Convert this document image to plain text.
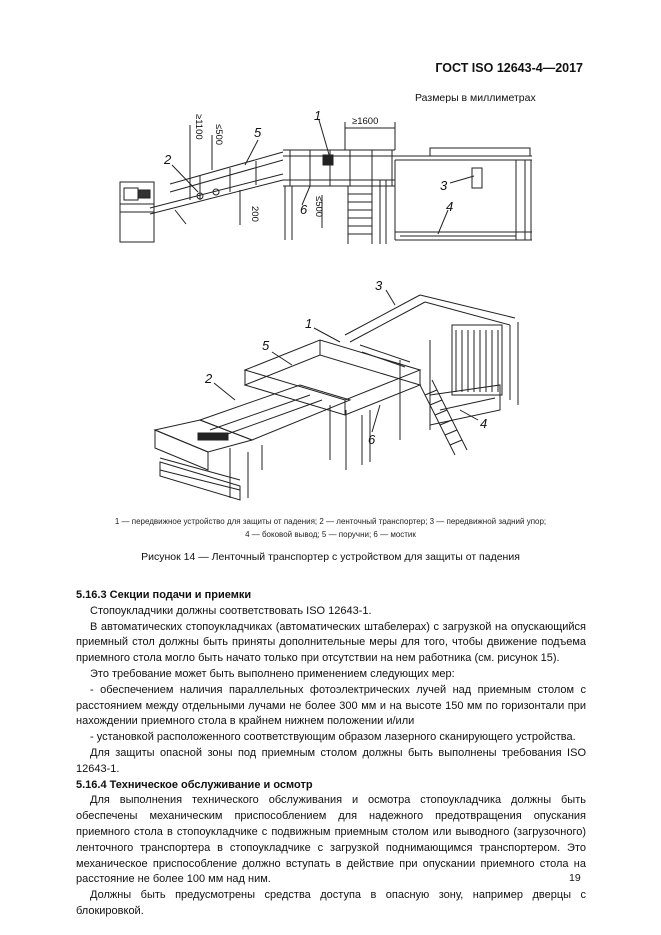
ГОСТ ISO 12643-4—2017
Размеры в миллиметрах
1
2
3
4
5
6
≥1600
≥1100 ≤500
200	≤500
1
2
3
4
5
6
1 — передвижное устройство для защиты от падения; 2 — ленточный транспортер; 3 — передвижной задний упор;
4 — боковой вывод; 5 — поручни; 6 — мостик
Рисунок 14 — Ленточный транспортер с устройством для защиты от падения

5.16.3 Секции подачи и приемки

Стопоукладчики должны соответствовать ISO 12643-1.

В автоматических стопоукладчиках (автоматических штабелерах) с загрузкой на опускающийся приемный стол должны быть приняты дополнительные меры для того, чтобы движение подъема приемного стола могло быть начато только при отсутствии на нем работника (см. рисунок 15).

Это требование может быть выполнено применением следующих мер:

- обеспечением наличия параллельных фотоэлектрических лучей над приемным столом с расстоянием между отдельными лучами не более 300 мм и на высоте 150 мм по горизонтали при нахождении приемного стола в крайнем нижнем положении и/или

- установкой расположенного соответствующим образом лазерного сканирующего устройства.

Для защиты опасной зоны под приемным столом должны быть выполнены требования ISO 12643-1.

5.16.4 Техническое обслуживание и осмотр

Для выполнения технического обслуживания и осмотра стопоукладчика должны быть обеспечены механическим приспособлением для надежного предотвращения опускания приемного стола в стопоукладчике с подвижным приемным столом или выводного (загрузочного) ленточного транспортера в стопоукладчике с загрузкой поднимающимся транспортером. Это механическое приспособление должно вступать в действие при опускании приемного стола на расстояние не более 100 мм над ним.

Должны быть предусмотрены средства доступа в опасную зону, например дверцы с блокировкой.

19
